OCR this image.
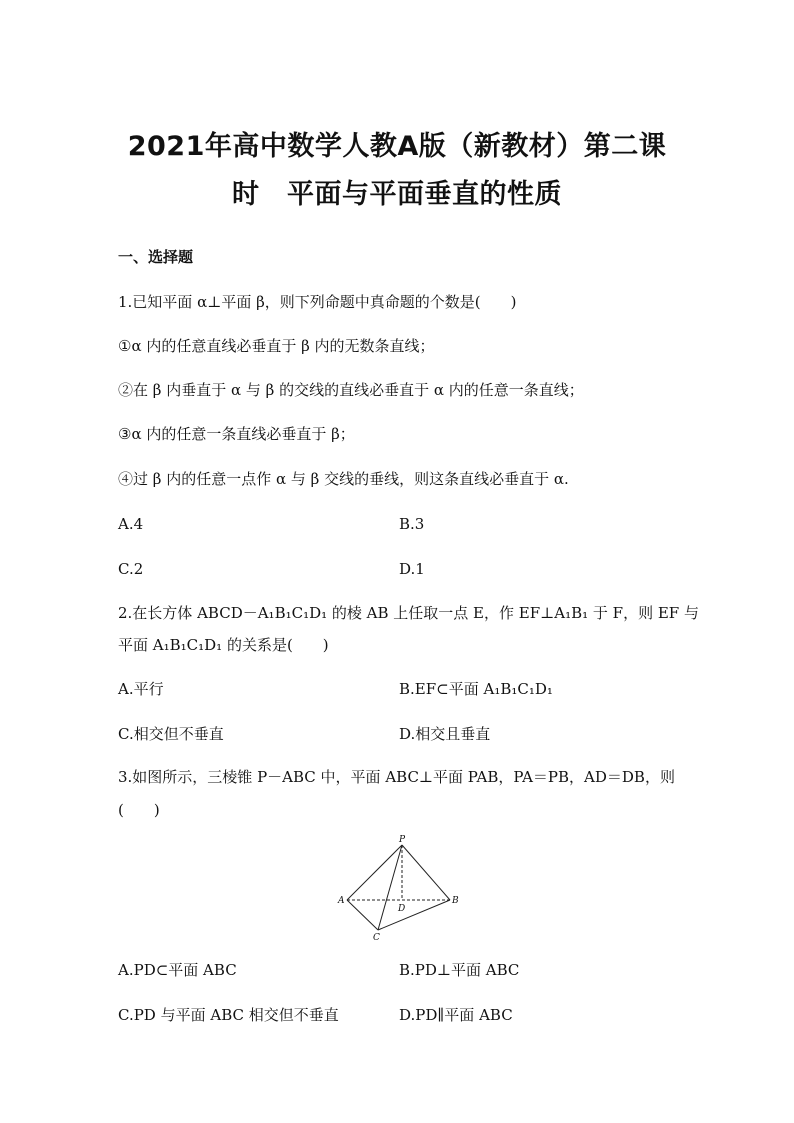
2021年高中数学人教A版（新教材）第二课
时　平面与平面垂直的性质
一、选择题
1.已知平面 α⊥平面 β，则下列命题中真命题的个数是(　　)
①α 内的任意直线必垂直于 β 内的无数条直线；
②在 β 内垂直于 α 与 β 的交线的直线必垂直于 α 内的任意一条直线；
③α 内的任意一条直线必垂直于 β；
④过 β 内的任意一点作 α 与 β 交线的垂线，则这条直线必垂直于 α.
A.4	B.3
C.2	D.1
2.在长方体 ABCD－A₁B₁C₁D₁ 的棱 AB 上任取一点 E，作 EF⊥A₁B₁ 于 F，则 EF 与
平面 A₁B₁C₁D₁ 的关系是(　　)
A.平行	B.EF⊂平面 A₁B₁C₁D₁
C.相交但不垂直	D.相交且垂直
3.如图所示，三棱锥 P－ABC 中，平面 ABC⊥平面 PAB，PA＝PB，AD＝DB，则
(　　)
P
A	B
C
D
A.PD⊂平面 ABC	B.PD⊥平面 ABC
C.PD 与平面 ABC 相交但不垂直	D.PD∥平面 ABC
